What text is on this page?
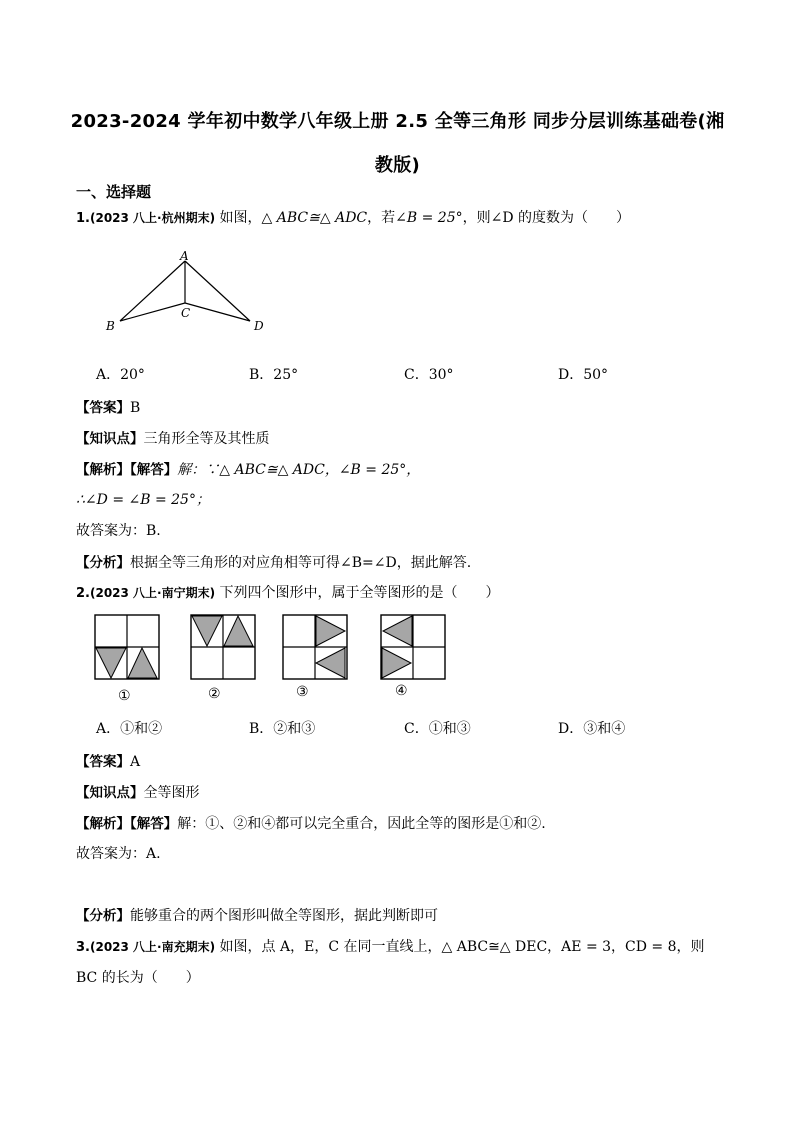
2023-2024 学年初中数学八年级上册 2.5 全等三角形 同步分层训练基础卷(湘教版)
一、选择题
1.(2023 八上·杭州期末) 如图，△ ABC≅△ ADC，若∠B = 25°，则∠D 的度数为（　　）
A
B
C
D
A．20°	B．25°	C．30°	D．50°
【答案】B
【知识点】三角形全等及其性质
【解析】【解答】解：∵△ ABC≅△ ADC，∠B = 25°，
∴∠D = ∠B = 25°；
故答案为：B.
【分析】根据全等三角形的对应角相等可得∠B=∠D，据此解答.
2.(2023 八上·南宁期末) 下列四个图形中，属于全等图形的是（　　）
①	②	③	④
A．①和②	B．②和③	C．①和③	D．③和④
【答案】A
【知识点】全等图形
【解析】【解答】解：①、②和④都可以完全重合，因此全等的图形是①和②.
故答案为：A.
【分析】能够重合的两个图形叫做全等图形，据此判断即可
3.(2023 八上·南充期末) 如图，点 A，E，C 在同一直线上，△ ABC≅△ DEC，AE = 3，CD = 8，则
BC 的长为（　　）
